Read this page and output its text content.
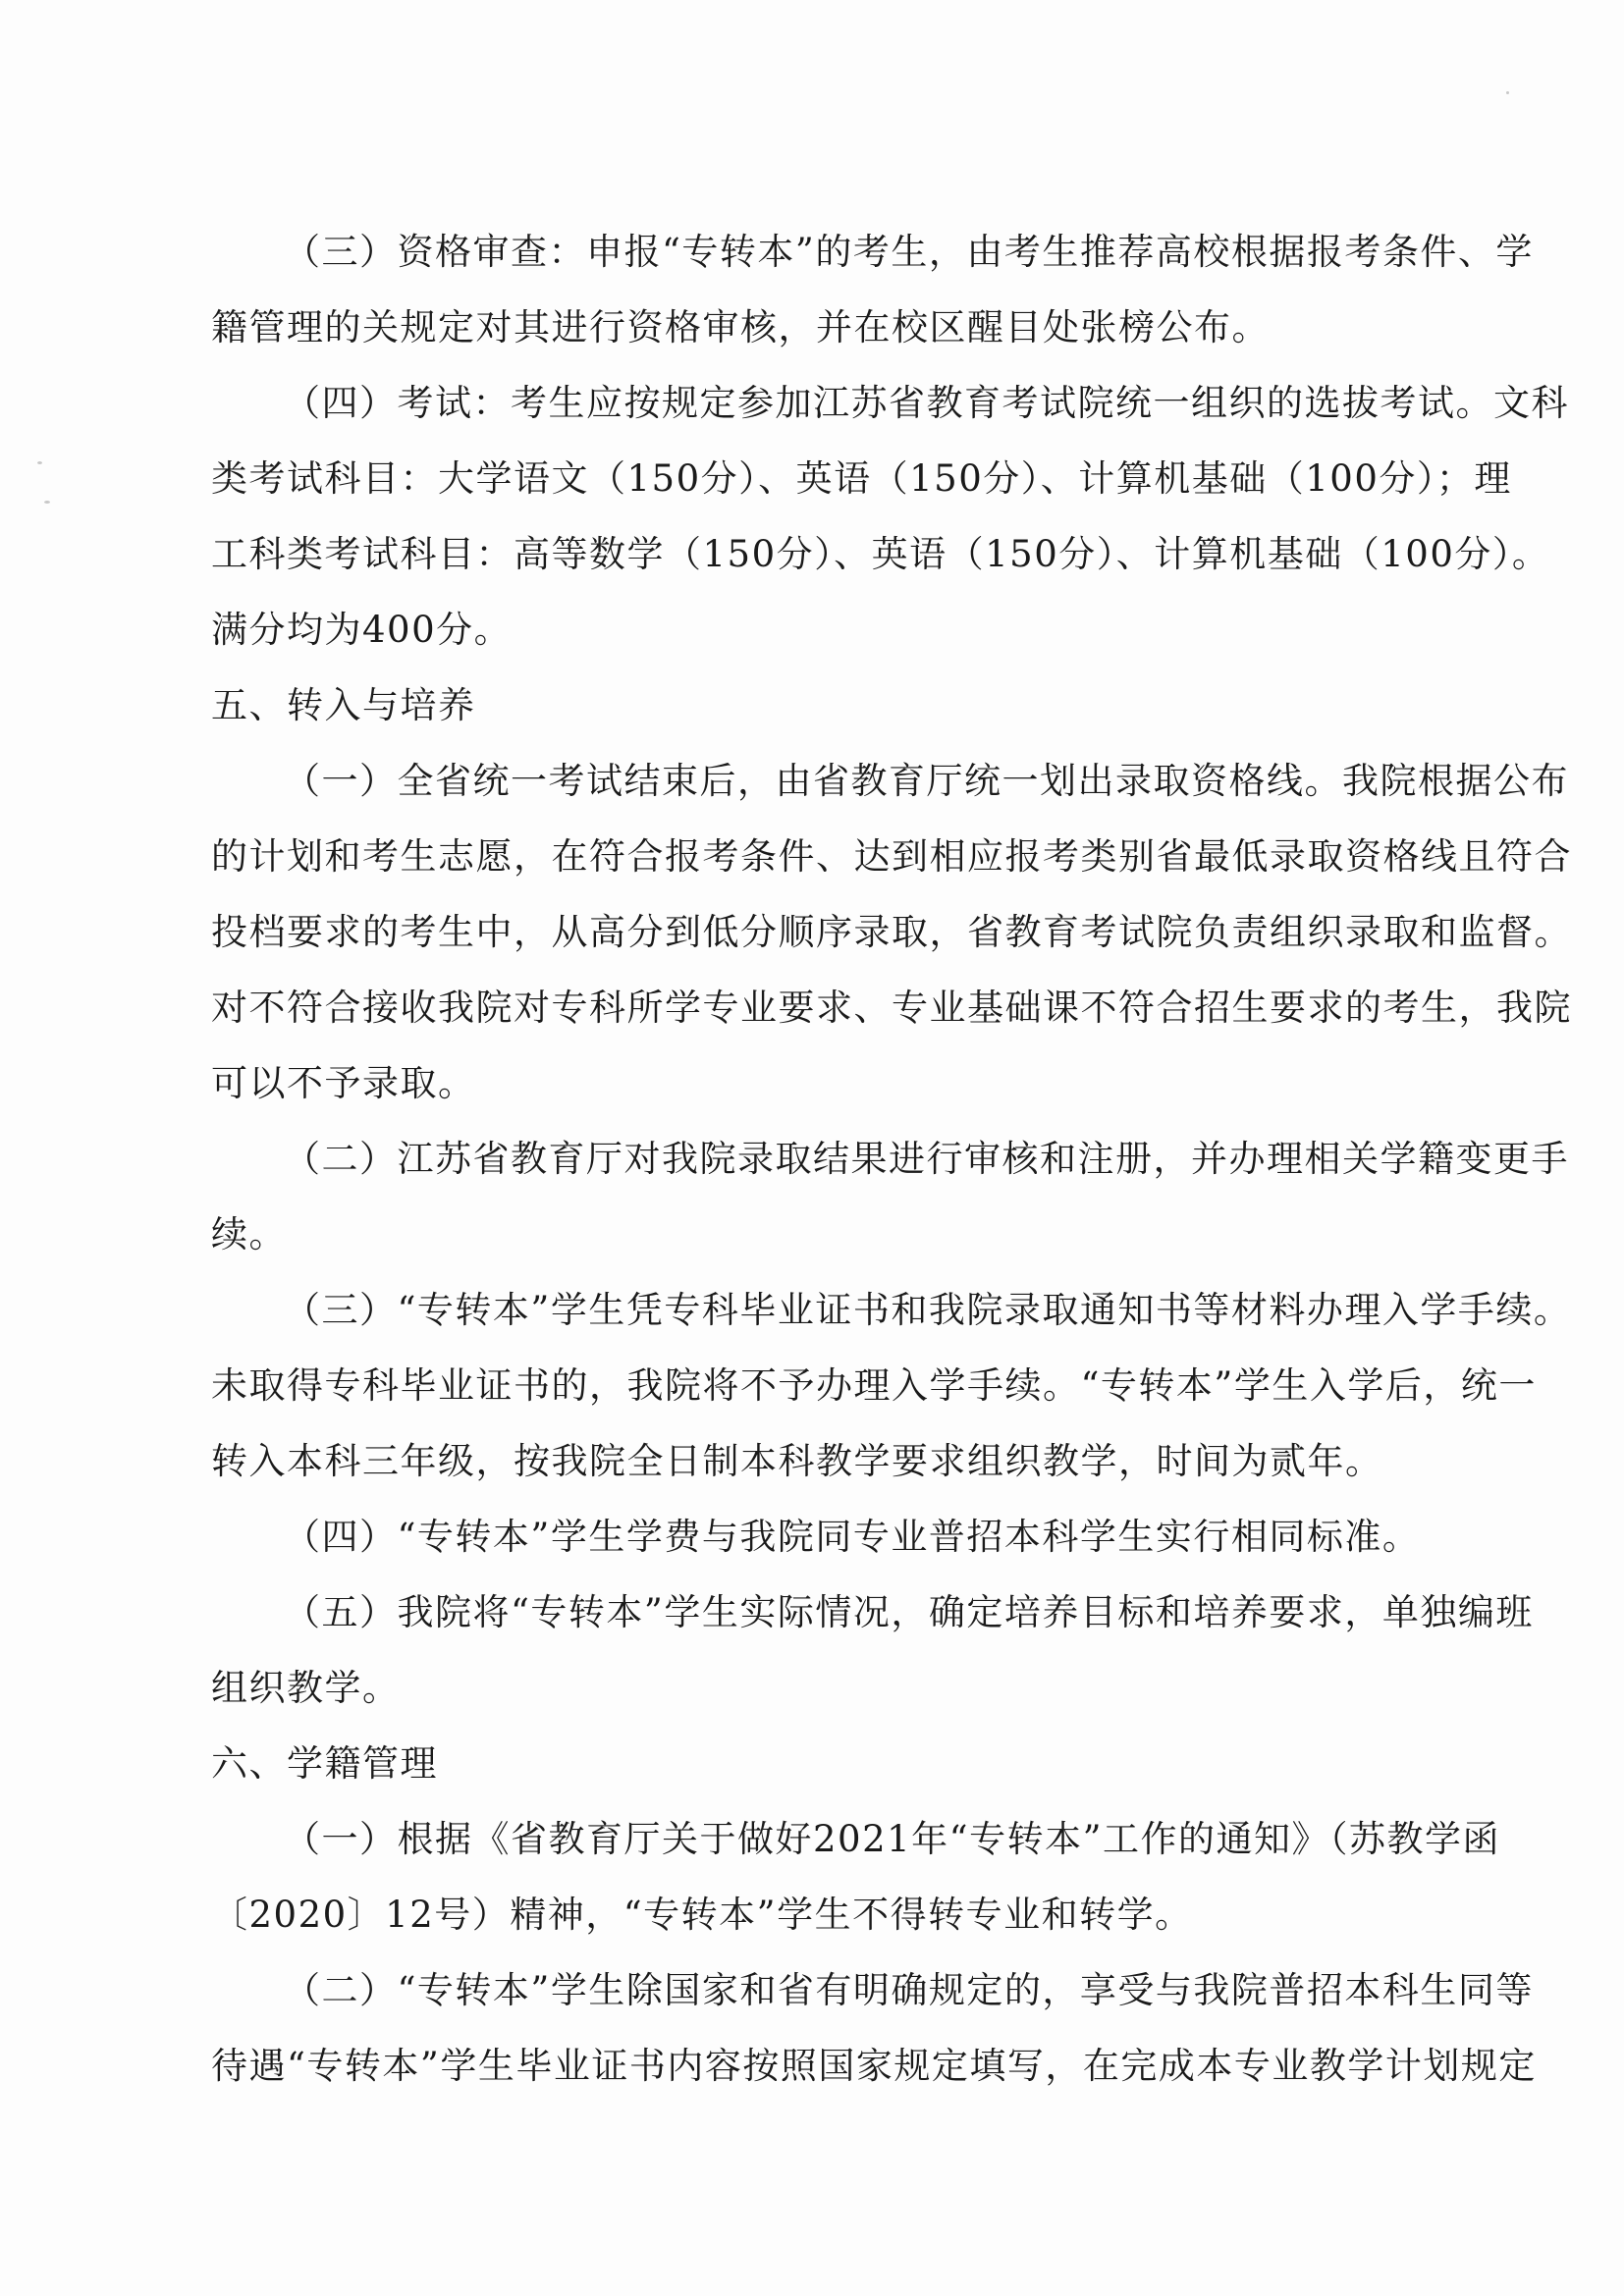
（三）资格审查：申报“专转本”的考生，由考生推荐高校根据报考条件、学
籍管理的关规定对其进行资格审核，并在校区醒目处张榜公布。
（四）考试：考生应按规定参加江苏省教育考试院统一组织的选拔考试。文科
类考试科目：大学语文（150分）、英语（150分）、计算机基础（100分）；理
工科类考试科目：高等数学（150分）、英语（150分）、计算机基础（100分）。
满分均为400分。
五、转入与培养
（一）全省统一考试结束后，由省教育厅统一划出录取资格线。我院根据公布
的计划和考生志愿，在符合报考条件、达到相应报考类别省最低录取资格线且符合
投档要求的考生中，从高分到低分顺序录取，省教育考试院负责组织录取和监督。
对不符合接收我院对专科所学专业要求、专业基础课不符合招生要求的考生，我院
可以不予录取。
（二）江苏省教育厅对我院录取结果进行审核和注册，并办理相关学籍变更手
续。
（三）“专转本”学生凭专科毕业证书和我院录取通知书等材料办理入学手续。
未取得专科毕业证书的，我院将不予办理入学手续。“专转本”学生入学后，统一
转入本科三年级，按我院全日制本科教学要求组织教学，时间为贰年。
（四）“专转本”学生学费与我院同专业普招本科学生实行相同标准。
（五）我院将“专转本”学生实际情况，确定培养目标和培养要求，单独编班
组织教学。
六、学籍管理
（一）根据《省教育厅关于做好2021年“专转本”工作的通知》（苏教学函
〔2020〕12号）精神，“专转本”学生不得转专业和转学。
（二）“专转本”学生除国家和省有明确规定的，享受与我院普招本科生同等
待遇“专转本”学生毕业证书内容按照国家规定填写，在完成本专业教学计划规定
